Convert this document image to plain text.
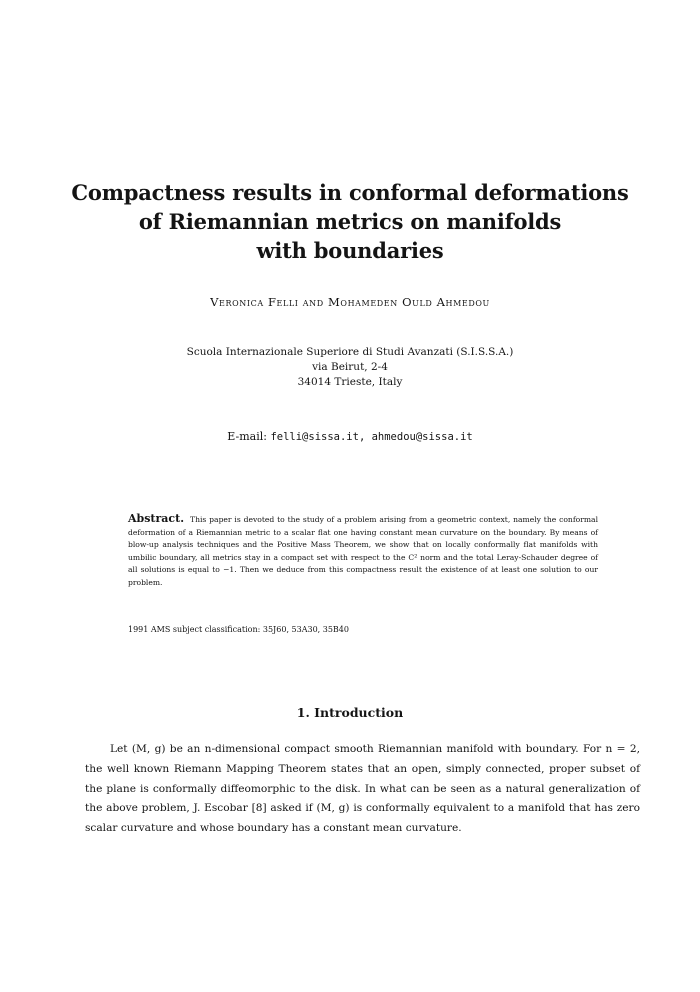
Compactness results in conformal deformations
of Riemannian metrics on manifolds
with boundaries
Veronica Felli and Mohameden Ould Ahmedou
Scuola Internazionale Superiore di Studi Avanzati (S.I.S.S.A.)
via Beirut, 2-4
34014 Trieste, Italy
E-mail: felli@sissa.it, ahmedou@sissa.it
Abstract. This paper is devoted to the study of a problem arising from a geometric context, namely the conformal deformation of a Riemannian metric to a scalar flat one having constant mean curvature on the boundary. By means of blow-up analysis techniques and the Positive Mass Theorem, we show that on locally conformally flat manifolds with umbilic boundary, all metrics stay in a compact set with respect to the C² norm and the total Leray-Schauder degree of all solutions is equal to −1. Then we deduce from this compactness result the existence of at least one solution to our problem.
1991 AMS subject classification: 35J60, 53A30, 35B40
1. Introduction
Let (M, g) be an n-dimensional compact smooth Riemannian manifold with boundary. For n = 2, the well known Riemann Mapping Theorem states that an open, simply connected, proper subset of the plane is conformally diffeomorphic to the disk. In what can be seen as a natural generalization of the above problem, J. Escobar [8] asked if (M, g) is conformally equivalent to a manifold that has zero scalar curvature and whose boundary has a constant mean curvature.
